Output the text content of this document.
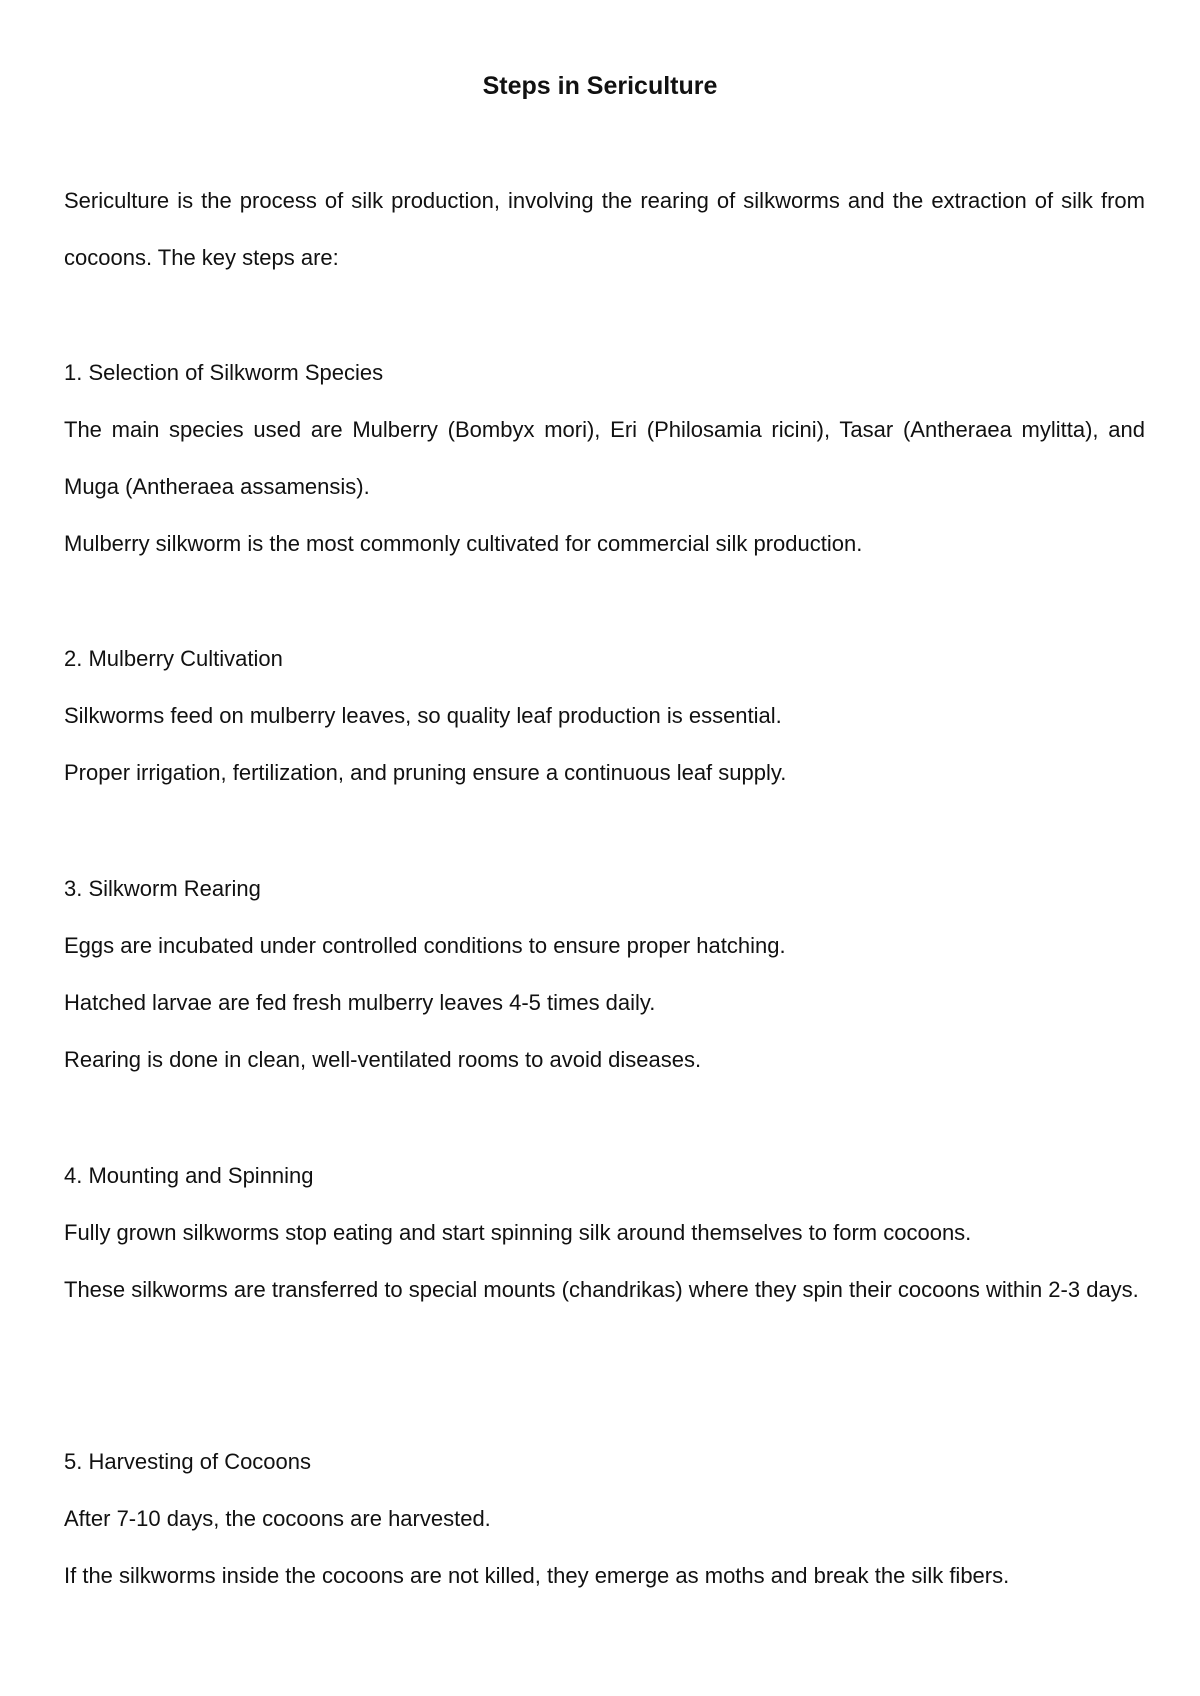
Steps in Sericulture

Sericulture is the process of silk production, involving the rearing of silkworms and the extraction of silk from cocoons. The key steps are:

1. Selection of Silkworm Species

The main species used are Mulberry (Bombyx mori), Eri (Philosamia ricini), Tasar (Antheraea mylitta), and Muga (Antheraea assamensis).

Mulberry silkworm is the most commonly cultivated for commercial silk production.

2. Mulberry Cultivation

Silkworms feed on mulberry leaves, so quality leaf production is essential.

Proper irrigation, fertilization, and pruning ensure a continuous leaf supply.

3. Silkworm Rearing

Eggs are incubated under controlled conditions to ensure proper hatching.

Hatched larvae are fed fresh mulberry leaves 4-5 times daily.

Rearing is done in clean, well-ventilated rooms to avoid diseases.

4. Mounting and Spinning

Fully grown silkworms stop eating and start spinning silk around themselves to form cocoons.

These silkworms are transferred to special mounts (chandrikas) where they spin their cocoons within 2-3 days.

5. Harvesting of Cocoons

After 7-10 days, the cocoons are harvested.

If the silkworms inside the cocoons are not killed, they emerge as moths and break the silk fibers.
